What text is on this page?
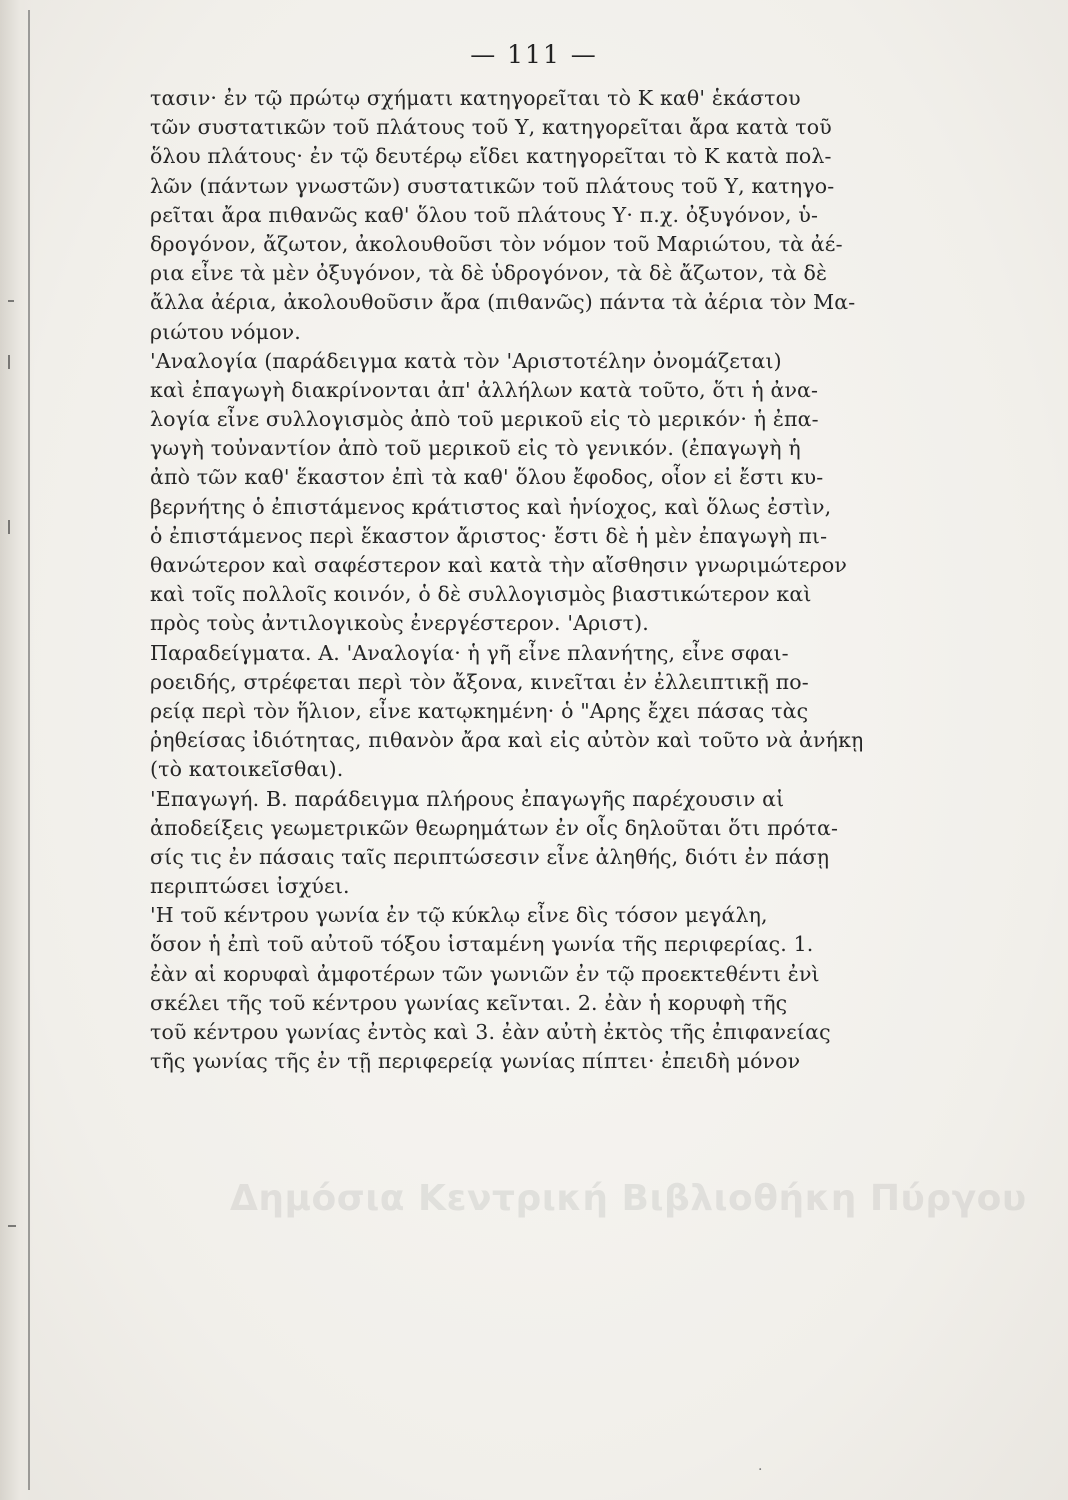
— 111 —
τασιν· ἐν τῷ πρώτῳ σχήματι κατηγορεῖται τὸ Κ καθ' ἑκάστου
τῶν συστατικῶν τοῦ πλάτους τοῦ Υ, κατηγορεῖται ἄρα κατὰ τοῦ
ὅλου πλάτους· ἐν τῷ δευτέρῳ εἴδει κατηγορεῖται τὸ Κ κατὰ πολ-
λῶν (πάντων γνωστῶν) συστατικῶν τοῦ πλάτους τοῦ Υ, κατηγο-
ρεῖται ἄρα πιθανῶς καθ' ὅλου τοῦ πλάτους Υ· π.χ. ὀξυγόνον, ὑ-
δρογόνον, ἄζωτον, ἀκολουθοῦσι τὸν νόμον τοῦ Μαριώτου, τὰ ἀέ-
ρια εἶνε τὰ μὲν ὀξυγόνον, τὰ δὲ ὑδρογόνον, τὰ δὲ ἄζωτον, τὰ δὲ
ἄλλα ἀέρια, ἀκολουθοῦσιν ἄρα (πιθανῶς) πάντα τὰ ἀέρια τὸν Μα-
ριώτου νόμον.
'Αναλογία (παράδειγμα κατὰ τὸν 'Αριστοτέλην ὀνομάζεται)
καὶ ἐπαγωγὴ διακρίνονται ἀπ' ἀλλήλων κατὰ τοῦτο, ὅτι ἡ ἀνα-
λογία εἶνε συλλογισμὸς ἀπὸ τοῦ μερικοῦ εἰς τὸ μερικόν· ἡ ἐπα-
γωγὴ τοὐναντίον ἀπὸ τοῦ μερικοῦ εἰς τὸ γενικόν. (ἐπαγωγὴ ἡ
ἀπὸ τῶν καθ' ἕκαστον ἐπὶ τὰ καθ' ὅλου ἔφοδος, οἷον εἰ ἔστι κυ-
βερνήτης ὁ ἐπιστάμενος κράτιστος καὶ ἡνίοχος, καὶ ὅλως ἐστὶν,
ὁ ἐπιστάμενος περὶ ἕκαστον ἄριστος· ἔστι δὲ ἡ μὲν ἐπαγωγὴ πι-
θανώτερον καὶ σαφέστερον καὶ κατὰ τὴν αἴσθησιν γνωριμώτερον
καὶ τοῖς πολλοῖς κοινόν, ὁ δὲ συλλογισμὸς βιαστικώτερον καὶ
πρὸς τοὺς ἀντιλογικοὺς ἐνεργέστερον. 'Αριστ).
Παραδείγματα. Α. 'Αναλογία· ἡ γῆ εἶνε πλανήτης, εἶνε σφαι-
ροειδής, στρέφεται περὶ τὸν ἄξονα, κινεῖται ἐν ἐλλειπτικῇ πο-
ρείᾳ περὶ τὸν ἥλιον, εἶνε κατῳκημένη· ὁ "Αρης ἔχει πάσας τὰς
ῥηθείσας ἰδιότητας, πιθανὸν ἄρα καὶ εἰς αὐτὸν καὶ τοῦτο νὰ ἀνήκῃ
(τὸ κατοικεῖσθαι).
'Επαγωγή. Β. παράδειγμα πλήρους ἐπαγωγῆς παρέχουσιν αἱ
ἀποδείξεις γεωμετρικῶν θεωρημάτων ἐν οἷς δηλοῦται ὅτι πρότα-
σίς τις ἐν πάσαις ταῖς περιπτώσεσιν εἶνε ἀληθής, διότι ἐν πάσῃ
περιπτώσει ἰσχύει.
'Η τοῦ κέντρου γωνία ἐν τῷ κύκλῳ εἶνε δὶς τόσον μεγάλη,
ὅσον ἡ ἐπὶ τοῦ αὐτοῦ τόξου ἱσταμένη γωνία τῆς περιφερίας. 1.
ἐὰν αἱ κορυφαὶ ἀμφοτέρων τῶν γωνιῶν ἐν τῷ προεκτεθέντι ἐνὶ
σκέλει τῆς τοῦ κέντρου γωνίας κεῖνται. 2. ἐὰν ἡ κορυφὴ τῆς
τοῦ κέντρου γωνίας ἐντὸς καὶ 3. ἐὰν αὐτὴ ἐκτὸς τῆς ἐπιφανείας
τῆς γωνίας τῆς ἐν τῇ περιφερείᾳ γωνίας πίπτει· ἐπειδὴ μόνον
Δημόσια Κεντρική Βιβλιοθήκη Πύργου
·
